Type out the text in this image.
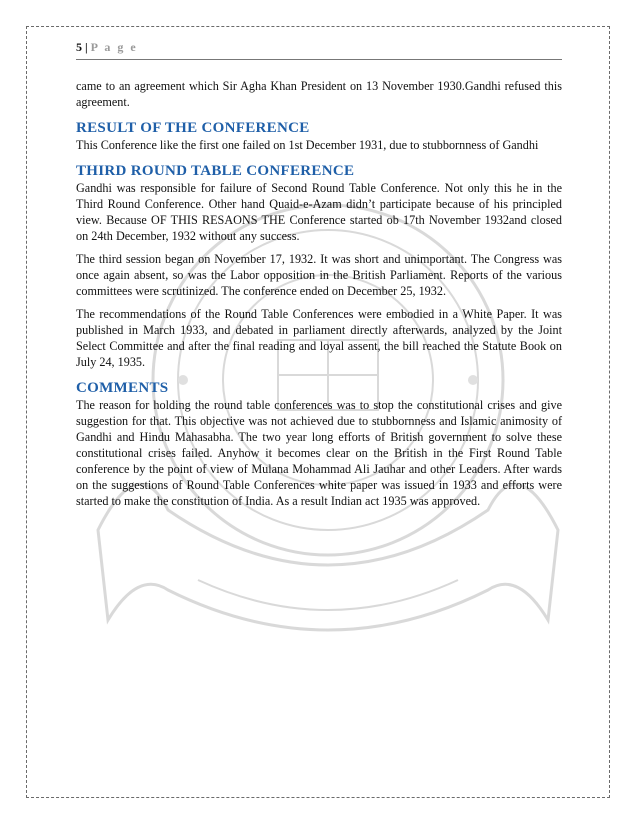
5 | P a g e

came to an agreement which Sir Agha Khan President on 13 November 1930.Gandhi refused this agreement.

RESULT OF THE CONFERENCE

This Conference like the first one failed on 1st December 1931, due to stubbornness of Gandhi

THIRD ROUND TABLE CONFERENCE

Gandhi was responsible for failure of Second Round Table Conference. Not only this he in the Third Round Conference. Other hand Quaid-e-Azam didn’t participate because of his principled view. Because OF THIS RESAONS THE Conference started ob 17th November 1932and closed on 24th December, 1932 without any success.

The third session began on November 17, 1932. It was short and unimportant. The Congress was once again absent, so was the Labor opposition in the British Parliament. Reports of the various committees were scrutinized. The conference ended on December 25, 1932.

The recommendations of the Round Table Conferences were embodied in a White Paper. It was published in March 1933, and debated in parliament directly afterwards, analyzed by the Joint Select Committee and after the final reading and loyal assent, the bill reached the Statute Book on July 24, 1935.

COMMENTS

The reason for holding the round table conferences was to stop the constitutional crises and give suggestion for that. This objective was not achieved due to stubbornness and Islamic animosity of Gandhi and Hindu Mahasabha. The two year long efforts of British government to solve these constitutional crises failed. Anyhow it becomes clear on the British in the First Round Table conference by the point of view of Mulana Mohammad Ali Jauhar and other Leaders. After wards on the suggestions of Round Table Conferences white paper was issued in 1933 and efforts were started to make the constitution of India. As a result Indian act 1935 was approved.
